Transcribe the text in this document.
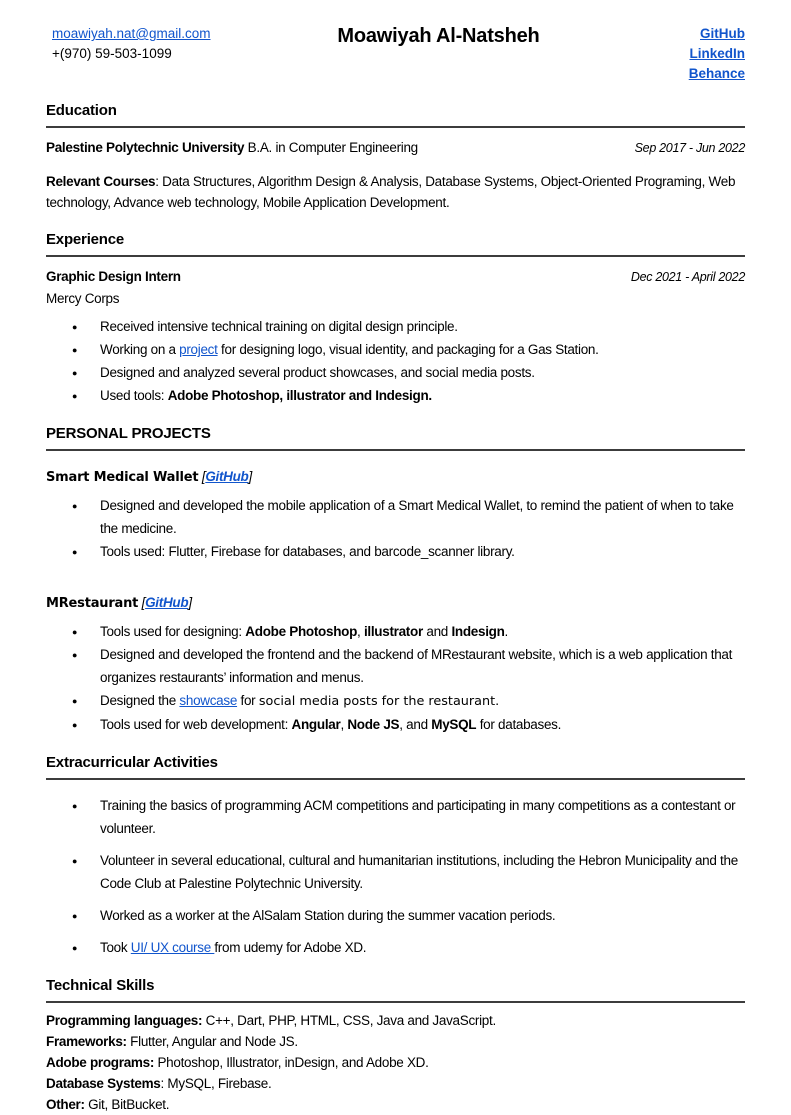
moawiyah.nat@gmail.com
+(970) 59-503-1099
Moawiyah Al-Natsheh	GitHub
LinkedIn
Behance
Education
Palestine Polytechnic University B.A. in Computer Engineering	Sep 2017 - Jun 2022
Relevant Courses: Data Structures, Algorithm Design & Analysis, Database Systems, Object-Oriented Programing, Web technology, Advance web technology, Mobile Application Development.
Experience
Graphic Design Intern	Dec 2021 - April 2022
Mercy Corps
● Received intensive technical training on digital design principle.
● Working on a project for designing logo, visual identity, and packaging for a Gas Station.
● Designed and analyzed several product showcases, and social media posts.
● Used tools: Adobe Photoshop, illustrator and Indesign.
PERSONAL PROJECTS
Smart Medical Wallet [GitHub]
● Designed and developed the mobile application of a Smart Medical Wallet, to remind the patient of when to take the medicine.
● Tools used: Flutter, Firebase for databases, and barcode_scanner library.
MRestaurant [GitHub]
● Tools used for designing: Adobe Photoshop, illustrator and Indesign.
● Designed and developed the frontend and the backend of MRestaurant website, which is a web application that organizes restaurants’ information and menus.
● Designed the showcase for social media posts for the restaurant.
● Tools used for web development: Angular, Node JS, and MySQL for databases.
Extracurricular Activities
● Training the basics of programming ACM competitions and participating in many competitions as a contestant or volunteer.
● Volunteer in several educational, cultural and humanitarian institutions, including the Hebron Municipality and the Code Club at Palestine Polytechnic University.
● Worked as a worker at the AlSalam Station during the summer vacation periods.
● Took UI/ UX course from udemy for Adobe XD.
Technical Skills
Programming languages: C++, Dart, PHP, HTML, CSS, Java and JavaScript.
Frameworks: Flutter, Angular and Node JS.
Adobe programs: Photoshop, Illustrator, inDesign, and Adobe XD.
Database Systems: MySQL, Firebase.
Other: Git, BitBucket.
